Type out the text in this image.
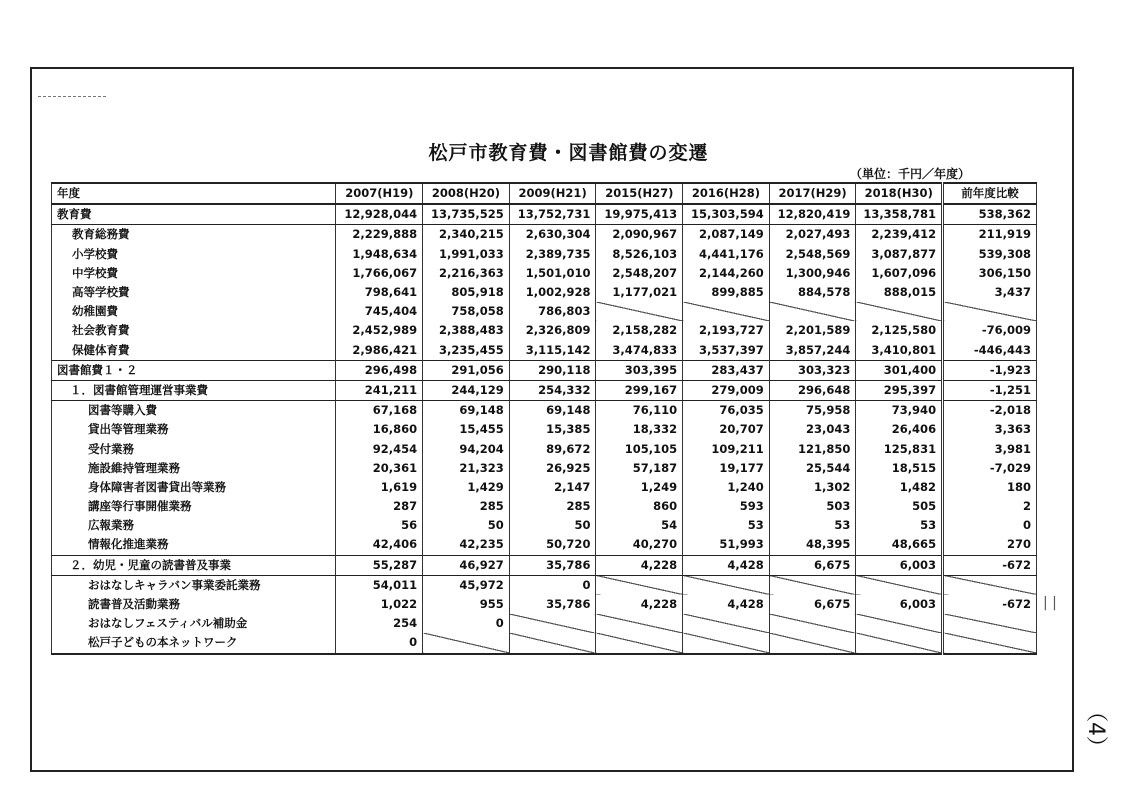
松戸市教育費・図書館費の変遷
（単位：千円／年度）
年度	2007(H19)	2008(H20)	2009(H21)	2015(H27)	2016(H28)	2017(H29)	2018(H30)	前年度比較
教育費	12,928,044	13,735,525	13,752,731	19,975,413	15,303,594	12,820,419	13,358,781	538,362
教育総務費	2,229,888	2,340,215	2,630,304	2,090,967	2,087,149	2,027,493	2,239,412	211,919
小学校費	1,948,634	1,991,033	2,389,735	8,526,103	4,441,176	2,548,569	3,087,877	539,308
中学校費	1,766,067	2,216,363	1,501,010	2,548,207	2,144,260	1,300,946	1,607,096	306,150
高等学校費	798,641	805,918	1,002,928	1,177,021	899,885	884,578	888,015	3,437
幼稚園費	745,404	758,058	786,803					
社会教育費	2,452,989	2,388,483	2,326,809	2,158,282	2,193,727	2,201,589	2,125,580	-76,009
保健体育費	2,986,421	3,235,455	3,115,142	3,474,833	3,537,397	3,857,244	3,410,801	-446,443
図書館費１・２	296,498	291,056	290,118	303,395	283,437	303,323	301,400	-1,923
１．図書館管理運営事業費	241,211	244,129	254,332	299,167	279,009	296,648	295,397	-1,251
図書等購入費	67,168	69,148	69,148	76,110	76,035	75,958	73,940	-2,018
貸出等管理業務	16,860	15,455	15,385	18,332	20,707	23,043	26,406	3,363
受付業務	92,454	94,204	89,672	105,105	109,211	121,850	125,831	3,981
施設維持管理業務	20,361	21,323	26,925	57,187	19,177	25,544	18,515	-7,029
身体障害者図書貸出等業務	1,619	1,429	2,147	1,249	1,240	1,302	1,482	180
講座等行事開催業務	287	285	285	860	593	503	505	2
広報業務	56	50	50	54	53	53	53	0
情報化推進業務	42,406	42,235	50,720	40,270	51,993	48,395	48,665	270
２．幼児・児童の読書普及事業	55,287	46,927	35,786	4,228	4,428	6,675	6,003	-672
おはなしキャラバン事業委託業務	54,011	45,972	0					
読書普及活動業務	1,022	955	35,786	4,228	4,428	6,675	6,003	-672
おはなしフェスティバル補助金	254	0						
松戸子どもの本ネットワーク	0							
| |
（4）
